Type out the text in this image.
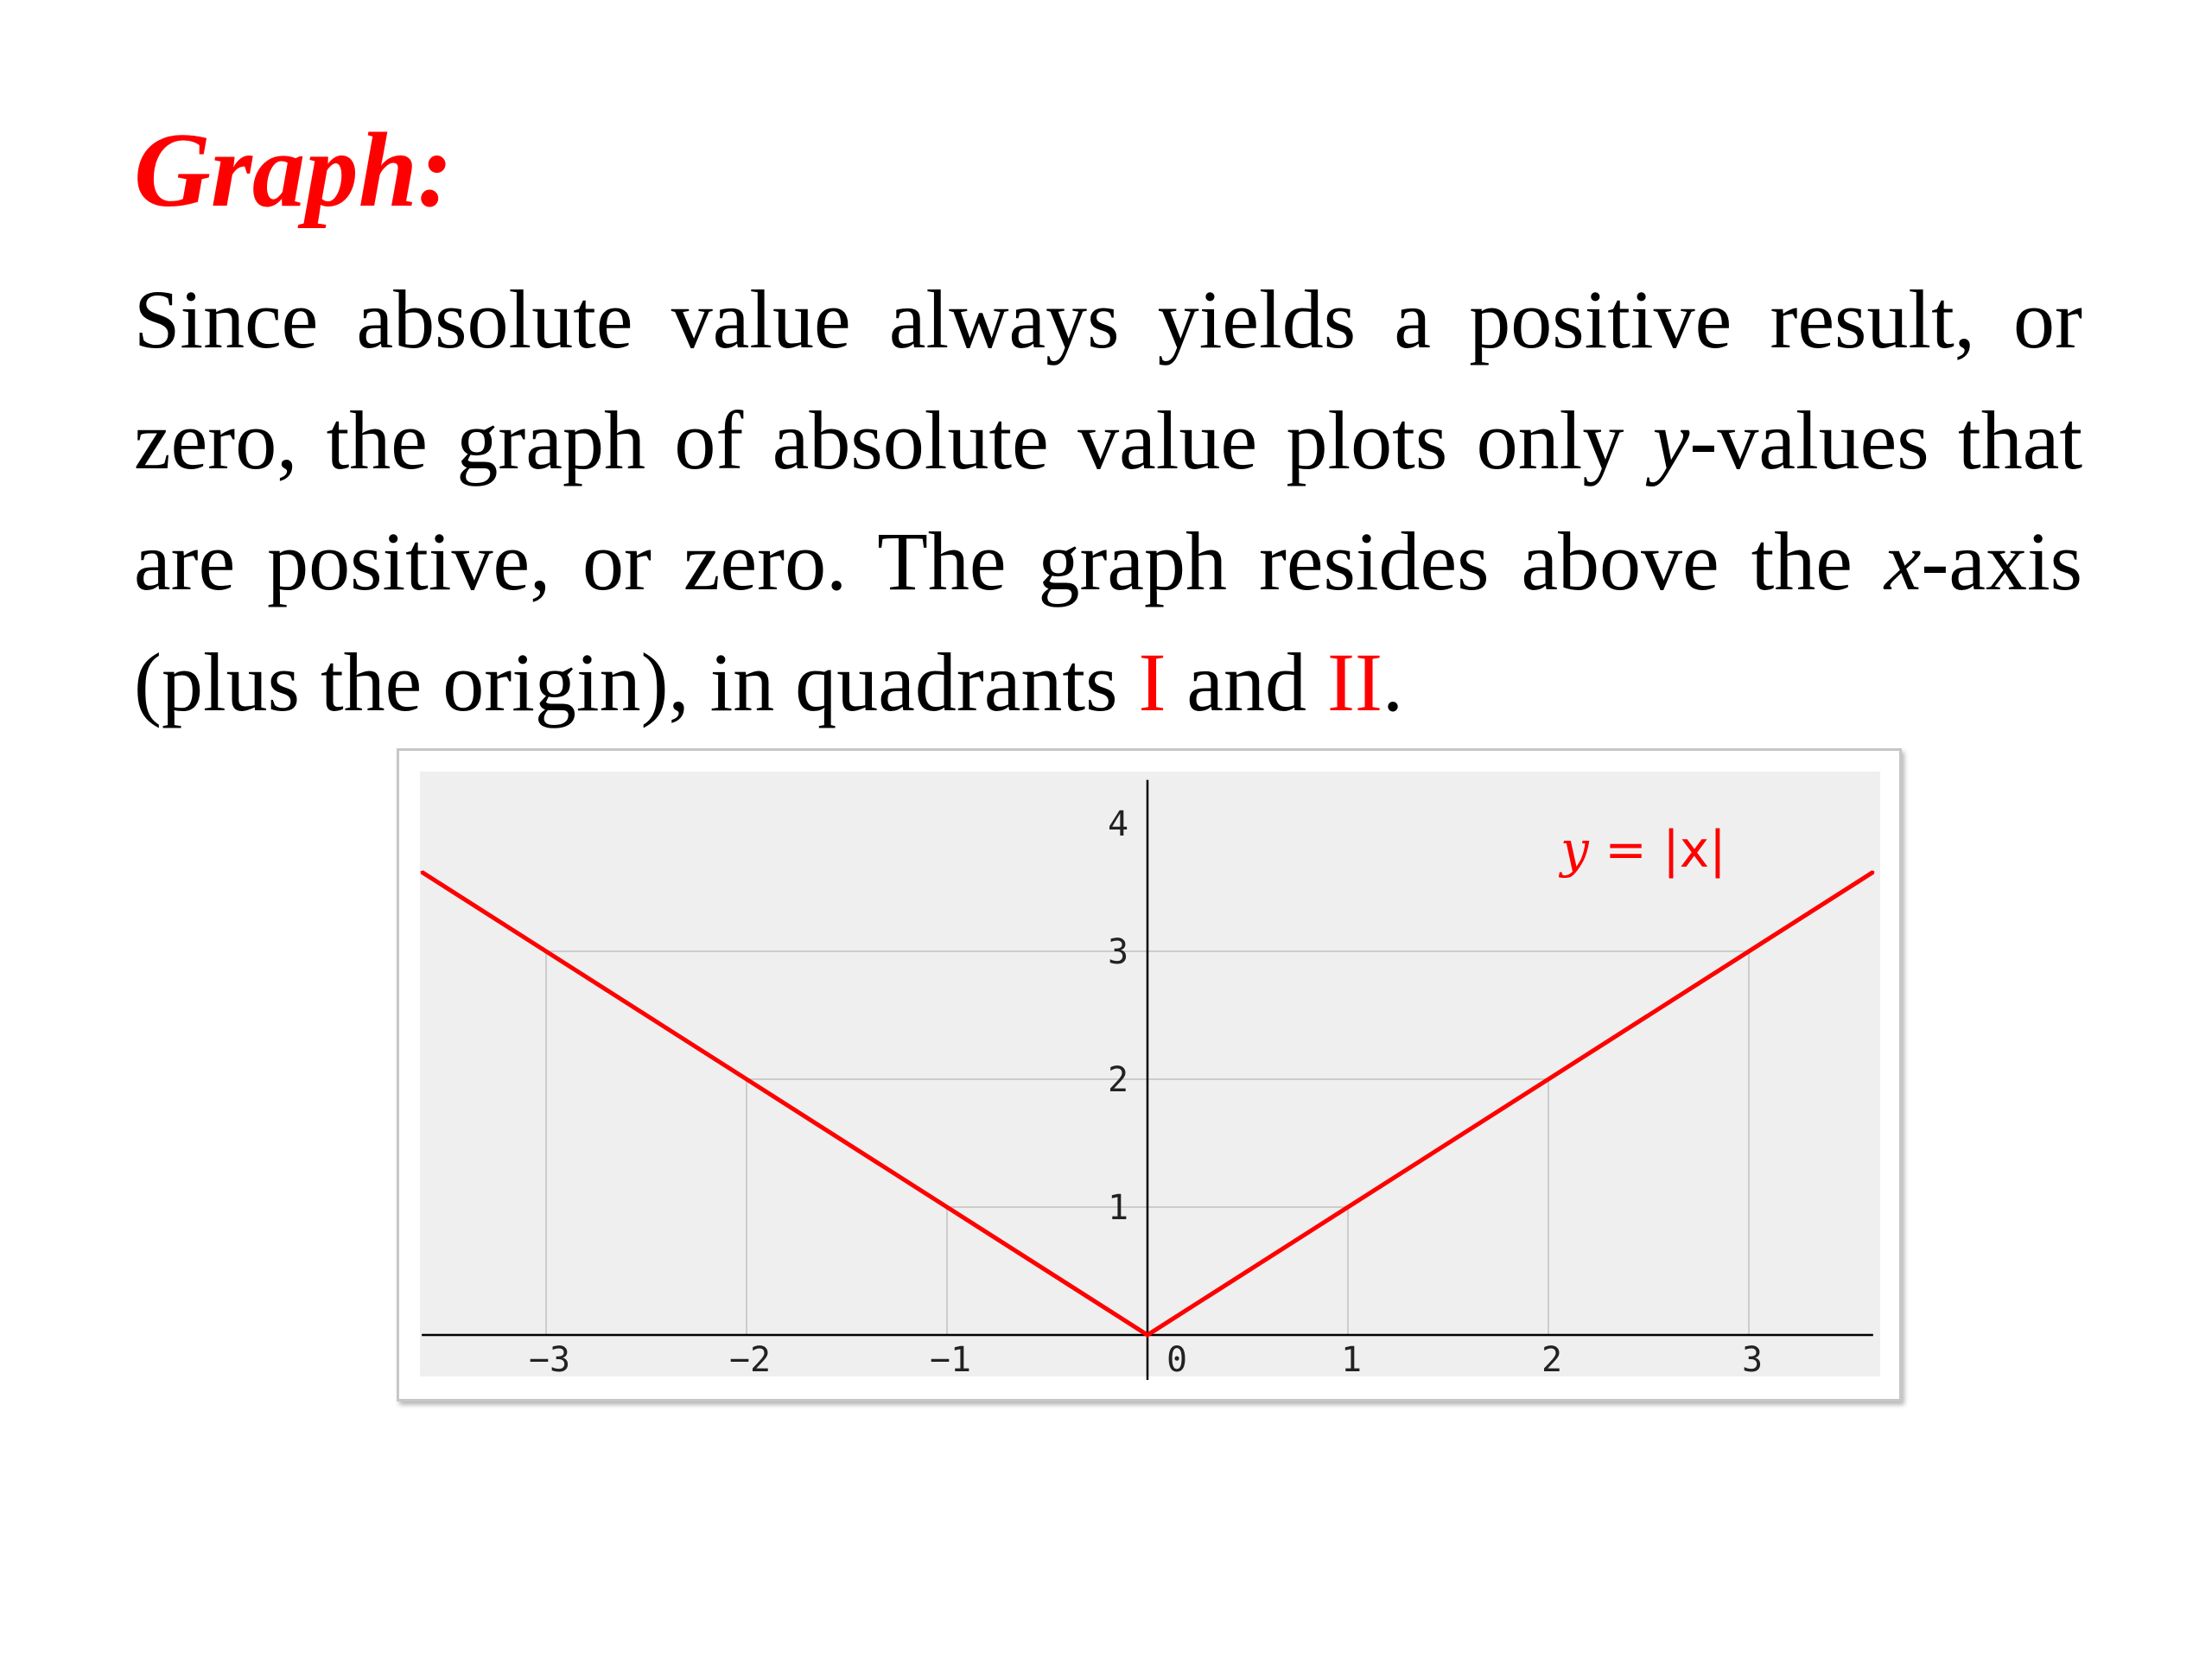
Graph:
Since absolute value always yields a positive result, or zero, the graph of absolute value plots only y-values that are positive, or zero. The graph resides above the x-axis (plus the origin), in quadrants I and II.
−3	−2	−1	0	1	2	3
1
2
3
4	y = |x|
